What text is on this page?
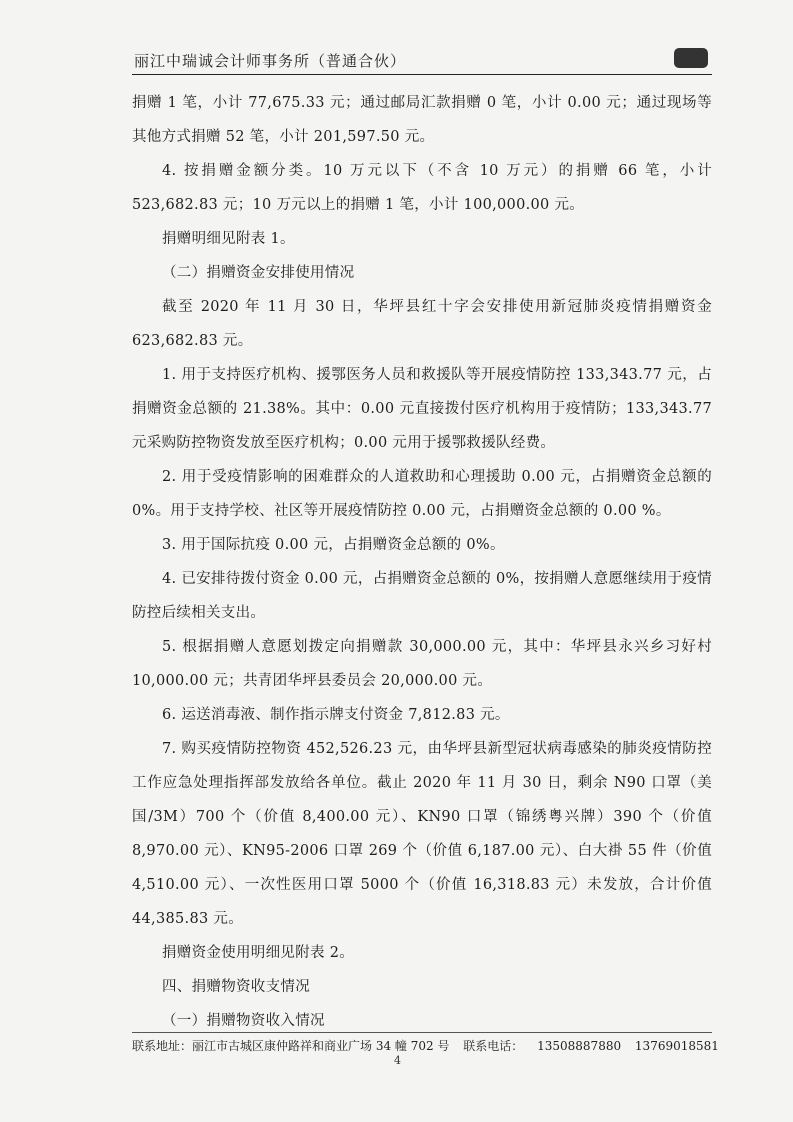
丽江中瑞诚会计师事务所（普通合伙）

捐赠 1 笔，小计 77,675.33 元；通过邮局汇款捐赠 0 笔，小计 0.00 元；通过现场等其他方式捐赠 52 笔，小计 201,597.50 元。

4. 按捐赠金额分类。10 万元以下（不含 10 万元）的捐赠 66 笔，小计 523,682.83 元；10 万元以上的捐赠 1 笔，小计 100,000.00 元。

捐赠明细见附表 1。

（二）捐赠资金安排使用情况

截至 2020 年 11 月 30 日，华坪县红十字会安排使用新冠肺炎疫情捐赠资金 623,682.83 元。

1. 用于支持医疗机构、援鄂医务人员和救援队等开展疫情防控 133,343.77 元，占捐赠资金总额的 21.38%。其中：0.00 元直接拨付医疗机构用于疫情防；133,343.77 元采购防控物资发放至医疗机构；0.00 元用于援鄂救援队经费。

2. 用于受疫情影响的困难群众的人道救助和心理援助 0.00 元，占捐赠资金总额的 0%。用于支持学校、社区等开展疫情防控 0.00 元，占捐赠资金总额的 0.00 %。

3. 用于国际抗疫 0.00 元，占捐赠资金总额的 0%。

4. 已安排待拨付资金 0.00 元，占捐赠资金总额的 0%，按捐赠人意愿继续用于疫情防控后续相关支出。

5. 根据捐赠人意愿划拨定向捐赠款 30,000.00 元，其中：华坪县永兴乡习好村 10,000.00 元；共青团华坪县委员会 20,000.00 元。

6. 运送消毒液、制作指示牌支付资金 7,812.83 元。

7. 购买疫情防控物资 452,526.23 元，由华坪县新型冠状病毒感染的肺炎疫情防控工作应急处理指挥部发放给各单位。截止 2020 年 11 月 30 日，剩余 N90 口罩（美国/3M）700 个（价值 8,400.00 元）、KN90 口罩（锦绣粤兴牌）390 个（价值 8,970.00 元）、KN95-2006 口罩 269 个（价值 6,187.00 元）、白大褂 55 件（价值 4,510.00 元）、一次性医用口罩 5000 个（价值 16,318.83 元）未发放，合计价值 44,385.83 元。

捐赠资金使用明细见附表 2。

四、捐赠物资收支情况

（一）捐赠物资收入情况

联系地址：丽江市古城区康仲路祥和商业广场 34 幢 702 号 联系电话： 13508887880 13769018581
4
